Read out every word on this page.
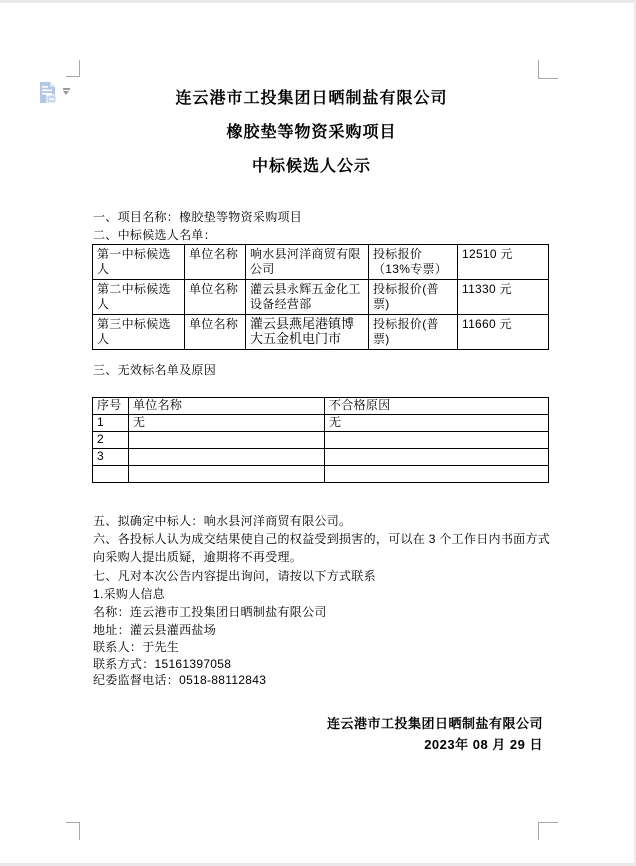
连云港市工投集团日晒制盐有限公司
橡胶垫等物资采购项目
中标候选人公示
一、项目名称：橡胶垫等物资采购项目
二、中标候选人名单：
第一中标候选人	单位名称	响水县河洋商贸有限公司	投标报价（13%专票）	12510 元
第二中标候选人	单位名称	灌云县永辉五金化工设备经营部	投标报价(普票)	11330 元
第三中标候选人	单位名称	灌云县燕尾港镇博大五金机电门市	投标报价(普票)	11660 元
三、无效标名单及原因
序号	单位名称	不合格原因
1	无	无
2		
3		

五、拟确定中标人：响水县河洋商贸有限公司。
六、各投标人认为成交结果使自己的权益受到损害的，可以在 3 个工作日内书面方式向采购人提出质疑，逾期将不再受理。
七、凡对本次公告内容提出询问，请按以下方式联系
1.采购人信息
名称：连云港市工投集团日晒制盐有限公司
地址：灌云县灌西盐场
联系人：于先生
联系方式：15161397058
纪委监督电话：0518-88112843
连云港市工投集团日晒制盐有限公司
2023年 08 月 29 日
